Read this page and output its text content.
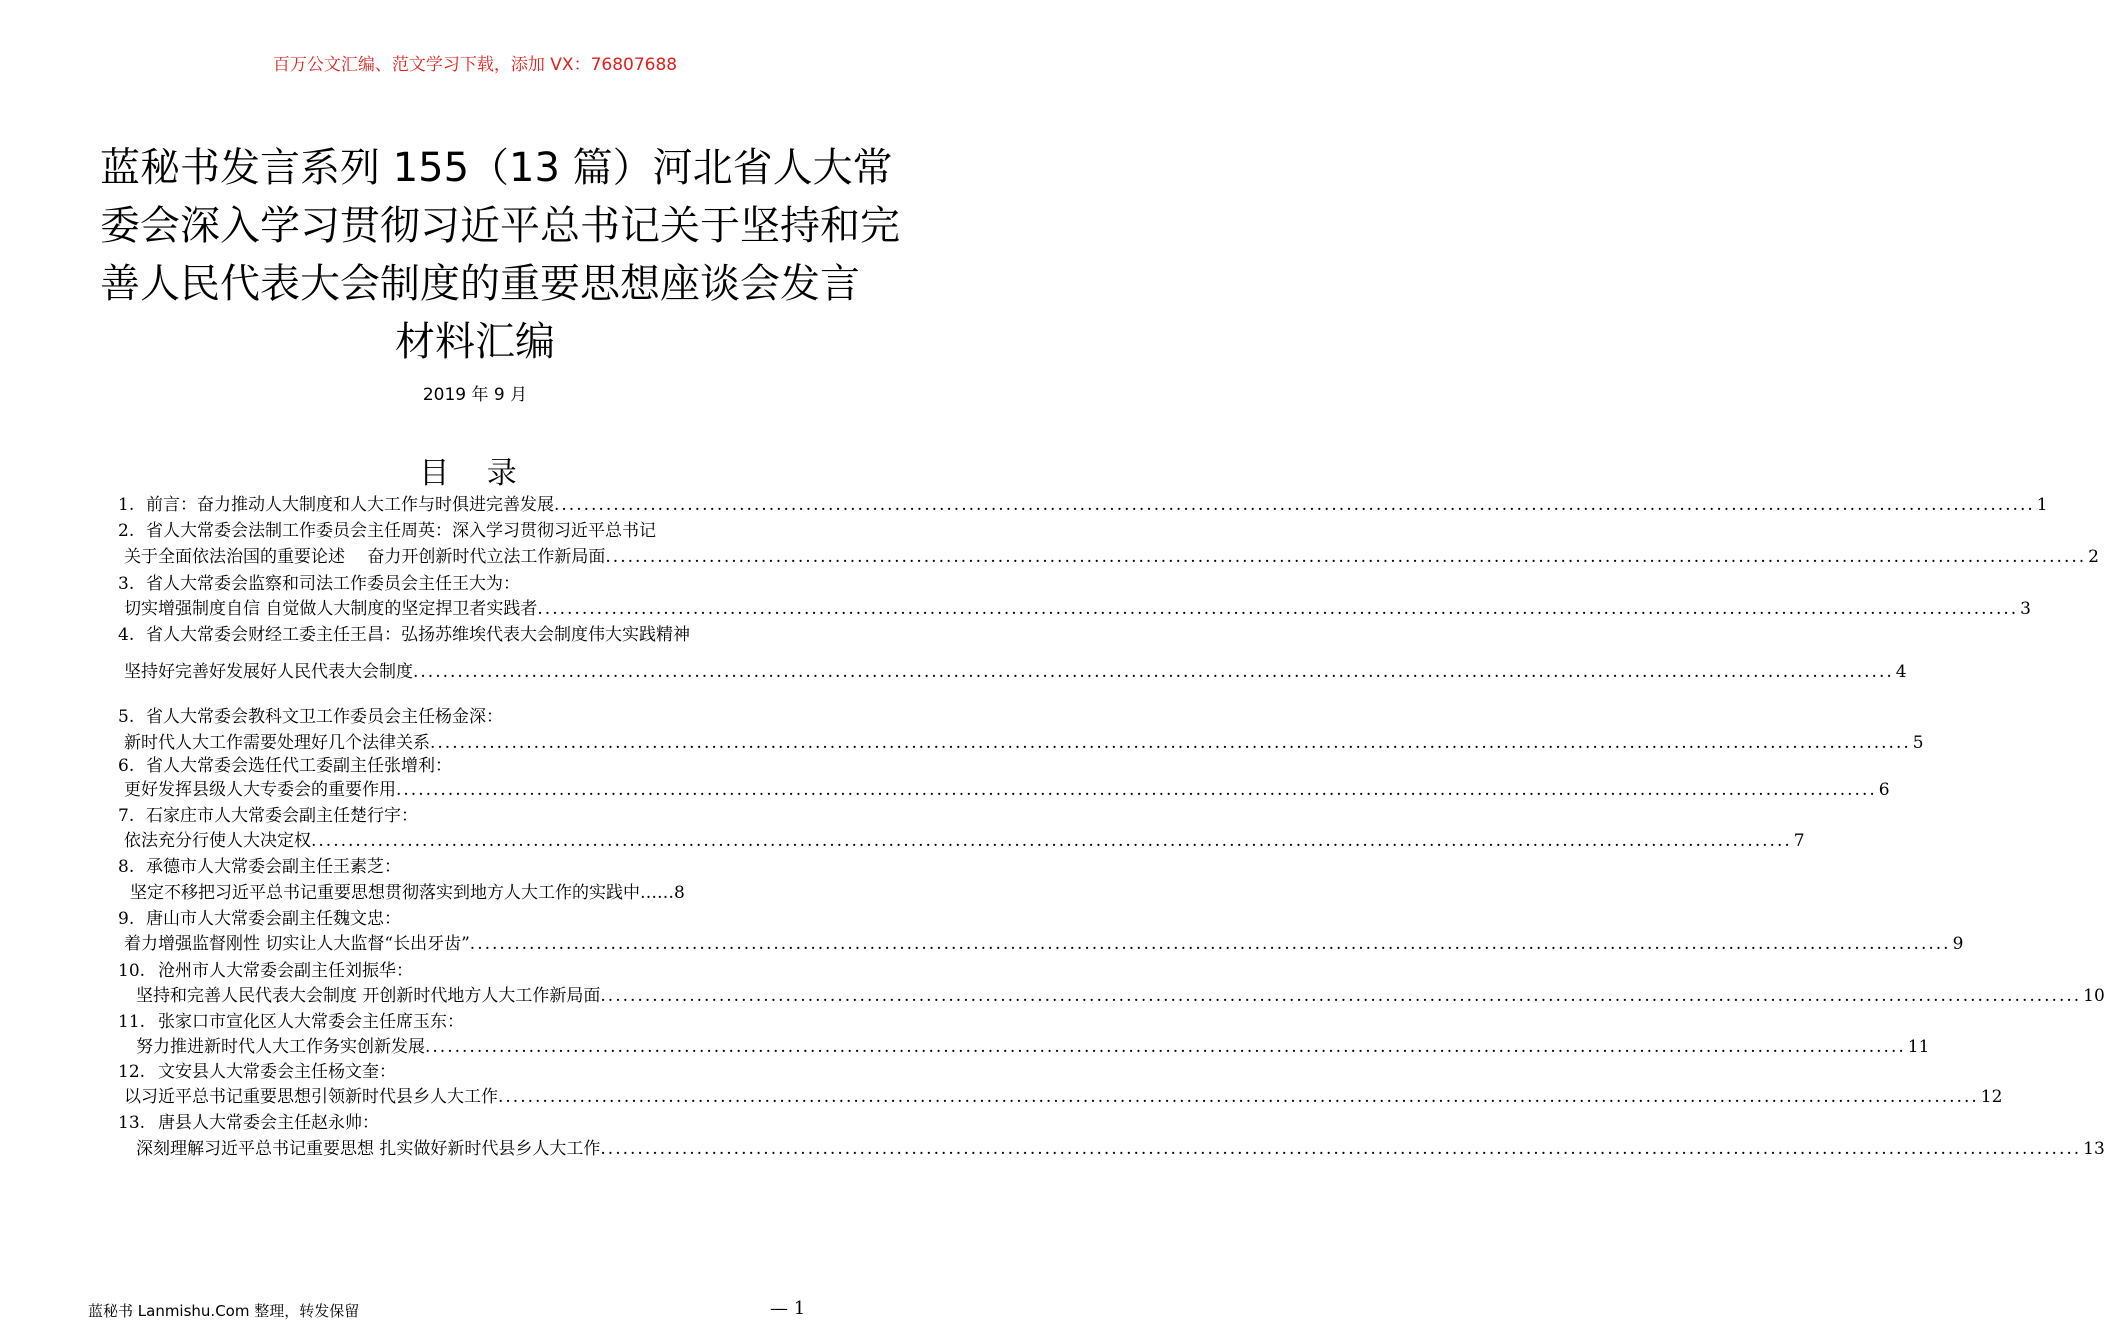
百万公文汇编、范文学习下载，添加 VX：76807688
蓝秘书发言系列 155（13 篇）河北省人大常
委会深入学习贯彻习近平总书记关于坚持和完
善人民代表大会制度的重要思想座谈会发言
材料汇编
2019 年 9 月
目 录
1. 前言：奋力推动人大制度和人大工作与时俱进完善发展 ........................................................................................................................................................................................................ 1
2. 省人大常委会法制工作委员会主任周英：深入学习贯彻习近平总书记
关于全面依法治国的重要论述　 奋力开创新时代立法工作新局面 ........................................................................................................................................................................................................ 2
3. 省人大常委会监察和司法工作委员会主任王大为：
切实增强制度自信 自觉做人大制度的坚定捍卫者实践者 ........................................................................................................................................................................................................ 3
4. 省人大常委会财经工委主任王昌：弘扬苏维埃代表大会制度伟大实践精神
坚持好完善好发展好人民代表大会制度 ........................................................................................................................................................................................................ 4
5. 省人大常委会教科文卫工作委员会主任杨金深：
新时代人大工作需要处理好几个法律关系 ........................................................................................................................................................................................................ 5
6. 省人大常委会选任代工委副主任张增利：
更好发挥县级人大专委会的重要作用 ........................................................................................................................................................................................................ 6
7. 石家庄市人大常委会副主任楚行宇：
依法充分行使人大决定权 ........................................................................................................................................................................................................ 7
8. 承德市人大常委会副主任王素芝：
坚定不移把习近平总书记重要思想贯彻落实到地方人大工作的实践中……8
9. 唐山市人大常委会副主任魏文忠：
着力增强监督刚性 切实让人大监督“长出牙齿” ........................................................................................................................................................................................................ 9
10. 沧州市人大常委会副主任刘振华：
坚持和完善人民代表大会制度 开创新时代地方人大工作新局面 ........................................................................................................................................................................................................ 10
11. 张家口市宣化区人大常委会主任席玉东：
努力推进新时代人大工作务实创新发展 ........................................................................................................................................................................................................ 11
12. 文安县人大常委会主任杨文奎：
以习近平总书记重要思想引领新时代县乡人大工作 ........................................................................................................................................................................................................ 12
13. 唐县人大常委会主任赵永帅：
深刻理解习近平总书记重要思想 扎实做好新时代县乡人大工作 ........................................................................................................................................................................................................ 13
蓝秘书 Lanmishu.Com 整理，转发保留	— 1
